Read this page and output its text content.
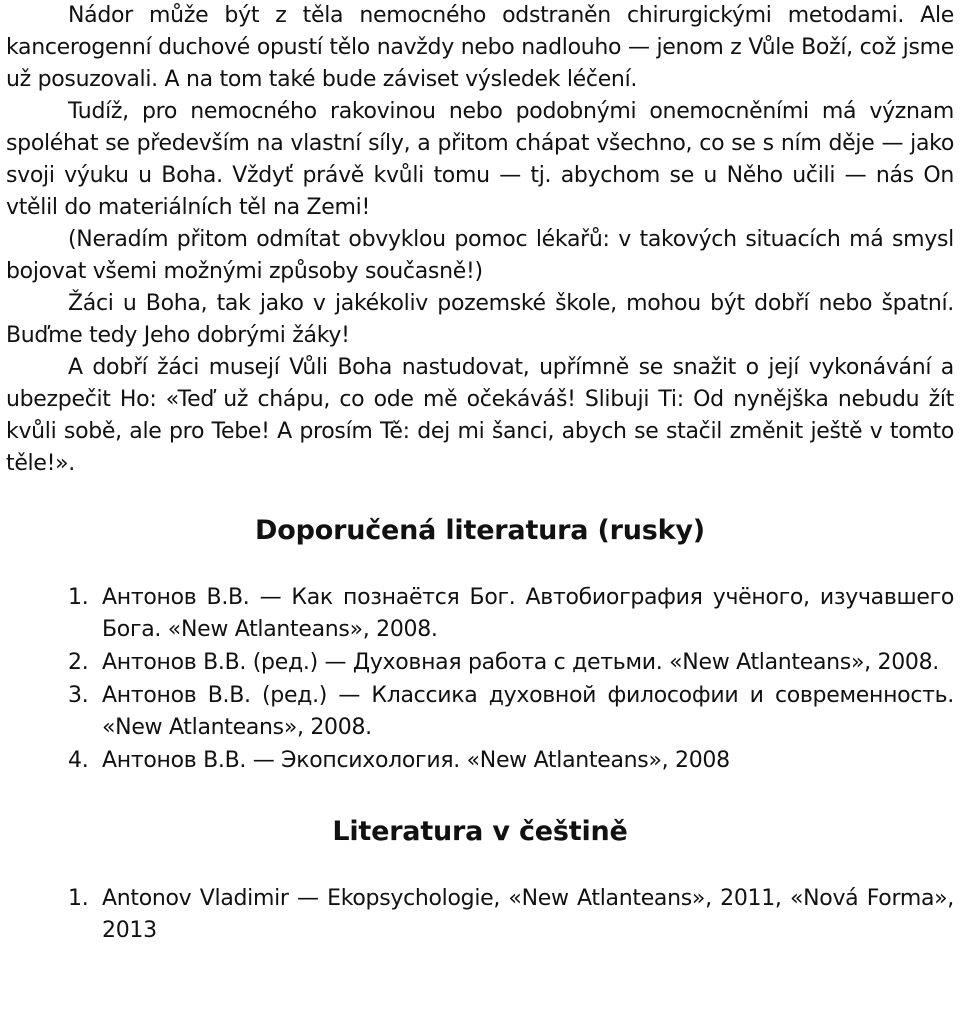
Nádor může být z těla nemocného odstraněn chirurgickými metodami. Ale kancerogenní duchové opustí tělo navždy nebo nadlouho — jenom z Vůle Boží, což jsme už posuzovali. A na tom také bude záviset výsledek léčení.

Tudíž, pro nemocného rakovinou nebo podobnými onemocněními má význam spoléhat se především na vlastní síly, a přitom chápat všechno, co se s ním děje — jako svoji výuku u Boha. Vždyť právě kvůli tomu — tj. abychom se u Něho učili — nás On vtělil do materiálních těl na Zemi!

(Neradím přitom odmítat obvyklou pomoc lékařů: v takových situacích má smysl bojovat všemi možnými způsoby současně!)

Žáci u Boha, tak jako v jakékoliv pozemské škole, mohou být dobří nebo špatní. Buďme tedy Jeho dobrými žáky!

A dobří žáci musejí Vůli Boha nastudovat, upřímně se snažit o její vykonávání a ubezpečit Ho: «Teď už chápu, co ode mě očekáváš! Slibuji Ti: Od nynějška nebudu žít kvůli sobě, ale pro Tebe! A prosím Tě: dej mi šanci, abych se stačil změnit ještě v tomto těle!».

Doporučená literatura (rusky)
1. Антонов В.В. — Как познаётся Бог. Автобиография учёного, изучавшего Бога. «New Atlanteans», 2008.
2. Антонов В.В. (ред.) — Духовная работа с детьми. «New Atlanteans», 2008.
3. Антонов В.В. (ред.) — Классика духовной философии и современность. «New Atlanteans», 2008.
4. Антонов В.В. — Экопсихология. «New Atlanteans», 2008
Literatura v češtině
1. Antonov Vladimir — Ekopsychologie, «New Atlanteans», 2011, «Nová Forma», 2013
